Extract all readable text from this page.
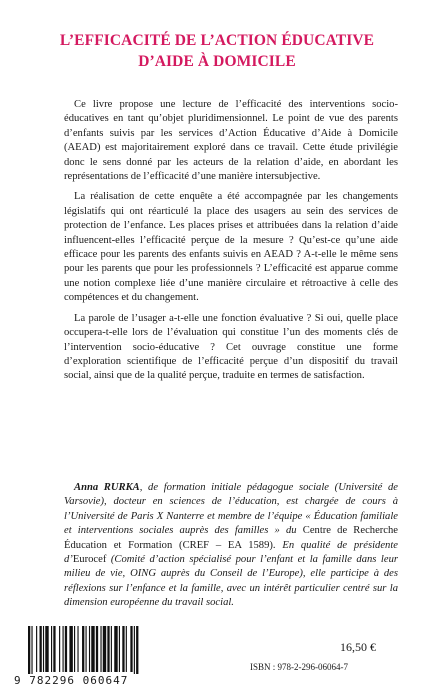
L’EFFICACITÉ DE L’ACTION ÉDUCATIVE
D’AIDE À DOMICILE

Ce livre propose une lecture de l’efficacité des interventions socio-éducatives en tant qu’objet pluridimensionnel. Le point de vue des parents d’enfants suivis par les services d’Action Éducative d’Aide à Domicile (AEAD) est majoritairement exploré dans ce travail. Cette étude privilégie donc le sens donné par les acteurs de la relation d’aide, en abordant les représentations de l’efficacité d’une manière intersubjective.

La réalisation de cette enquête a été accompagnée par les changements législatifs qui ont réarticulé la place des usagers au sein des services de protection de l’enfance. Les places prises et attribuées dans la relation d’aide influencent-elles l’efficacité perçue de la mesure ? Qu’est-ce qu’une aide efficace pour les parents des enfants suivis en AEAD ? A-t-elle le même sens pour les parents que pour les professionnels ? L’efficacité est apparue comme une notion complexe liée d’une manière circulaire et rétroactive à celle des compétences et du changement.

La parole de l’usager a-t-elle une fonction évaluative ? Si oui, quelle place occupera-t-elle lors de l’évaluation qui constitue l’un des moments clés de l’intervention socio-éducative ? Cet ouvrage constitue une forme d’exploration scientifique de l’efficacité perçue d’un dispositif du travail social, ainsi que de la qualité perçue, traduite en termes de satisfaction.

Anna RURKA, de formation initiale pédagogue sociale (Université de Varsovie), docteur en sciences de l’éducation, est chargée de cours à l’Université de Paris X Nanterre et membre de l’équipe « Éducation familiale et interventions sociales auprès des familles » du Centre de Recherche Éducation et Formation (CREF – EA 1589). En qualité de présidente d’Eurocef (Comité d’action spécialisé pour l’enfant et la famille dans leur milieu de vie, OING auprès du Conseil de l’Europe), elle participe à des réflexions sur l’enfance et la famille, avec un intérêt particulier centré sur la dimension européenne du travail social.

9 782296 060647
16,50 €
ISBN : 978-2-296-06064-7
